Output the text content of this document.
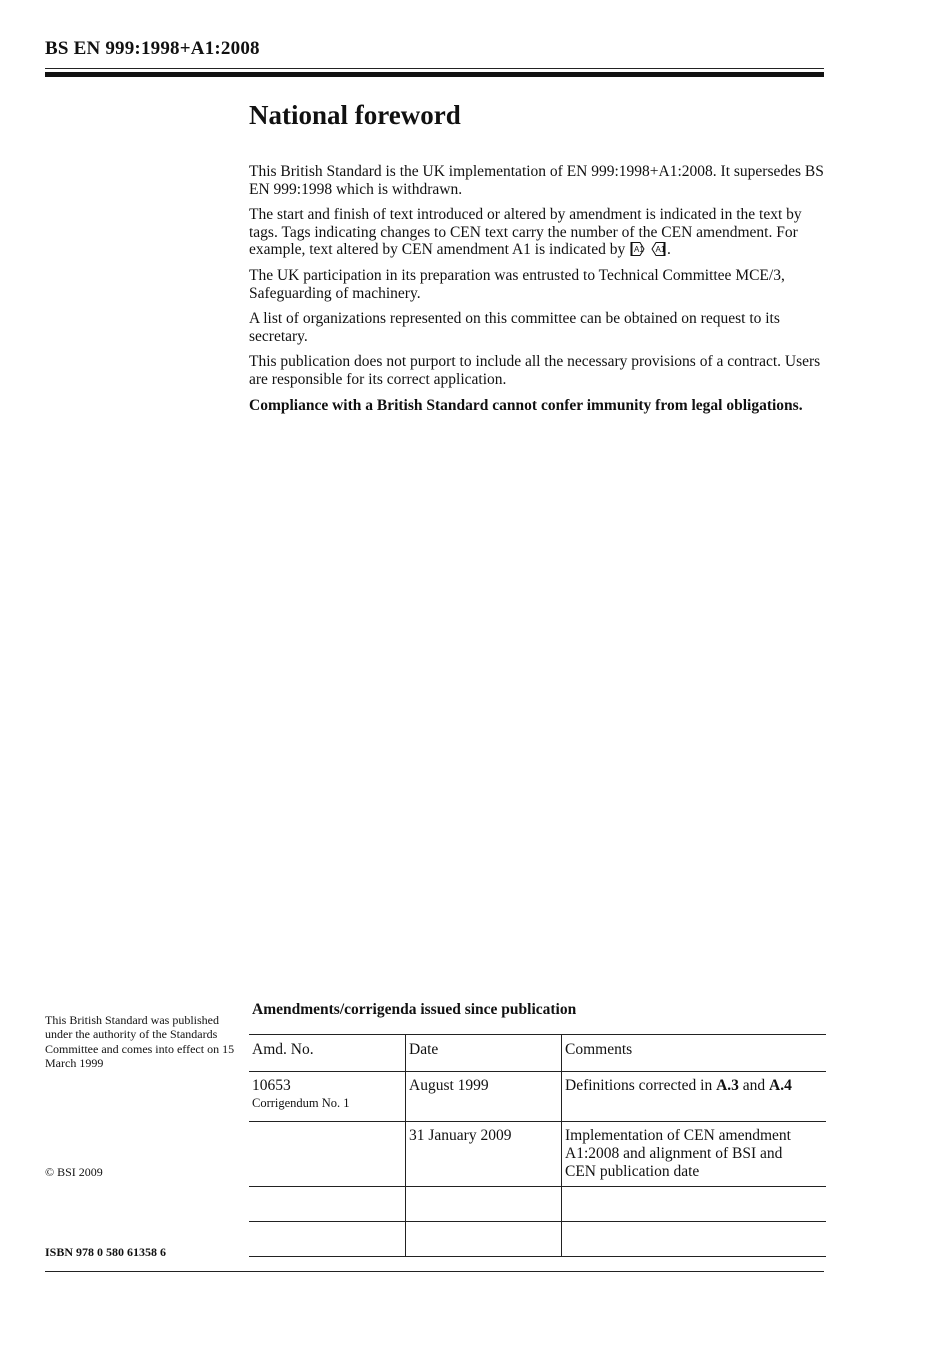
BS EN 999:1998+A1:2008
National foreword

This British Standard is the UK implementation of EN 999:1998+A1:2008. It supersedes BS EN 999:1998 which is withdrawn.

The start and finish of text introduced or altered by amendment is indicated in the text by tags. Tags indicating changes to CEN text carry the number of the CEN amendment. For example, text altered by CEN amendment A1 is indicated by A1
A1 .

The UK participation in its preparation was entrusted to Technical Committee MCE/3, Safeguarding of machinery.

A list of organizations represented on this committee can be obtained on request to its secretary.

This publication does not purport to include all the necessary provisions of a contract. Users are responsible for its correct application.

Compliance with a British Standard cannot confer immunity from legal obligations.

This British Standard was published under the authority of the Standards Committee and comes into effect on 15 March 1999
© BSI 2009
ISBN 978 0 580 61358 6
Amendments/corrigenda issued since publication
Amd. No.	Date	Comments
10653
Corrigendum No. 1	August 1999	Definitions corrected in A.3 and A.4
	31 January 2009	Implementation of CEN amendment
A1:2008 and alignment of BSI and
CEN publication date
